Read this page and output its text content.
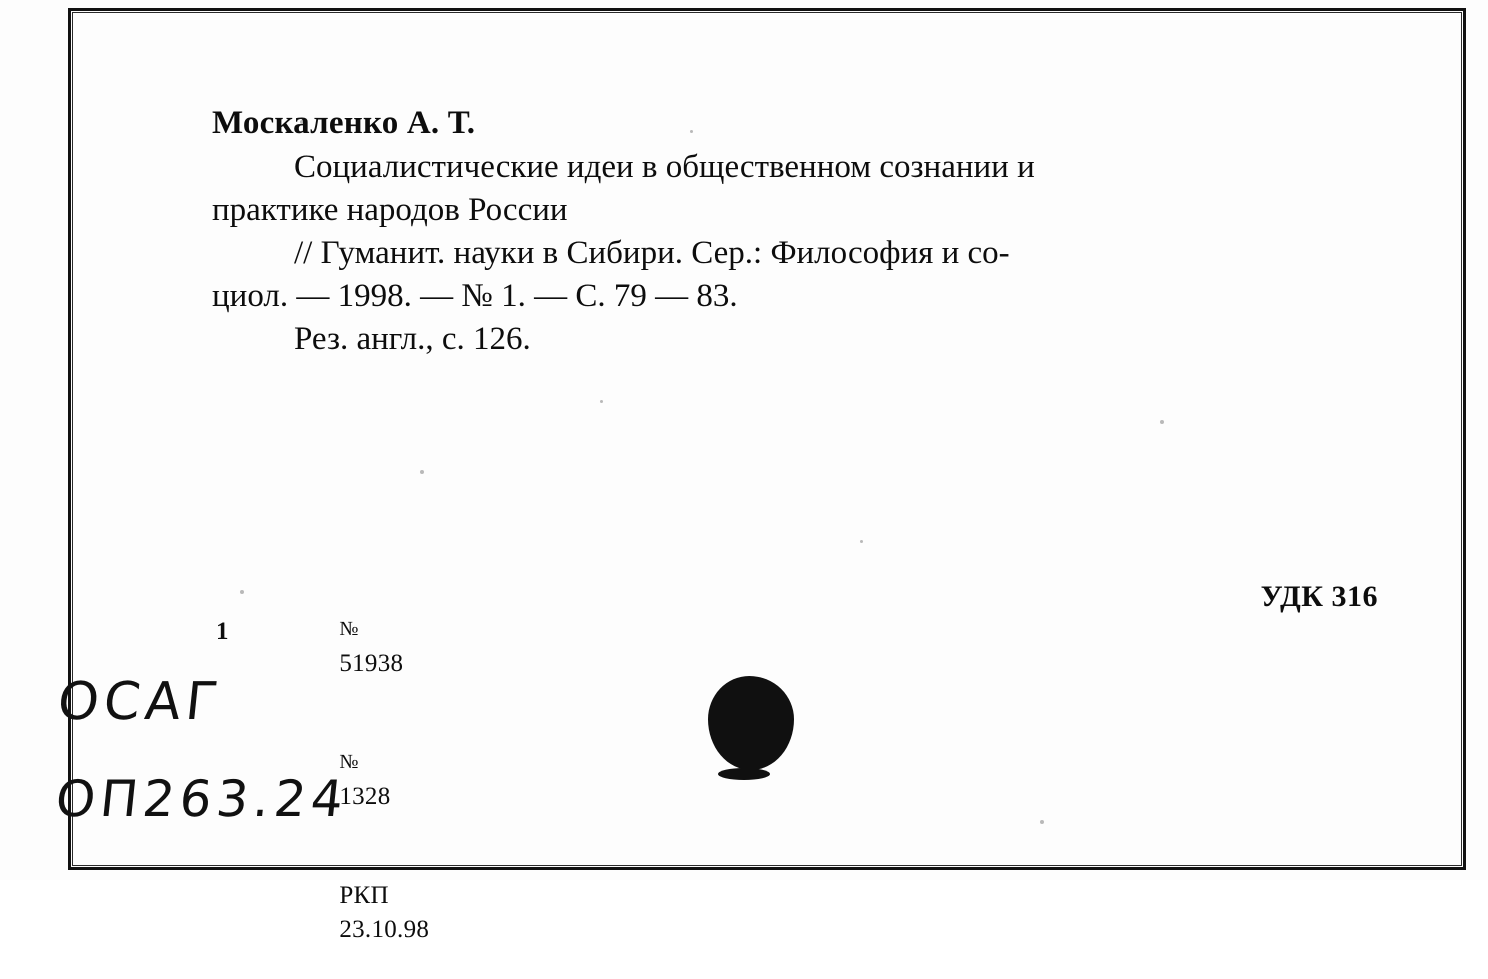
Москаленко А. Т.
Социалистические идеи в общественном сознании и
практике народов России
// Гуманит. науки в Сибири. Сер.: Философия и со-
циол. — 1998. — № 1. — С. 79 — 83.
Рез. англ., с. 126.
1	№
51938

№
1328

РКП
23.10.98

УДК 316
ОСАГ
ОП263.24
